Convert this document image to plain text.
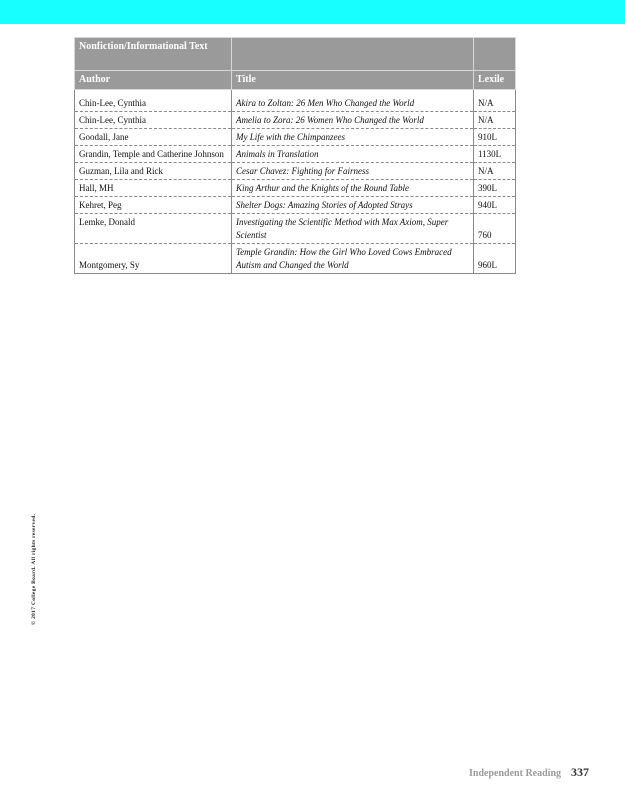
Nonfiction/Informational Text		
Author	Title	Lexile
Chin-Lee, Cynthia	Akira to Zoltan: 26 Men Who Changed the World	N/A
Chin-Lee, Cynthia	Amelia to Zora: 26 Women Who Changed the World	N/A
Goodall, Jane	My Life with the Chimpanzees	910L
Grandin, Temple and Catherine Johnson	Animals in Translation	1130L
Guzman, Lila and Rick	Cesar Chavez: Fighting for Fairness	N/A
Hall, MH	King Arthur and the Knights of the Round Table	390L
Kehret, Peg	Shelter Dogs: Amazing Stories of Adopted Strays	940L
Lemke, Donald	Investigating the Scientific Method with Max Axiom, Super Scientist	760
Montgomery, Sy	Temple Grandin: How the Girl Who Loved Cows Embraced Autism and Changed the World	960L
© 2017 College Board. All rights reserved.
Independent Reading 337
